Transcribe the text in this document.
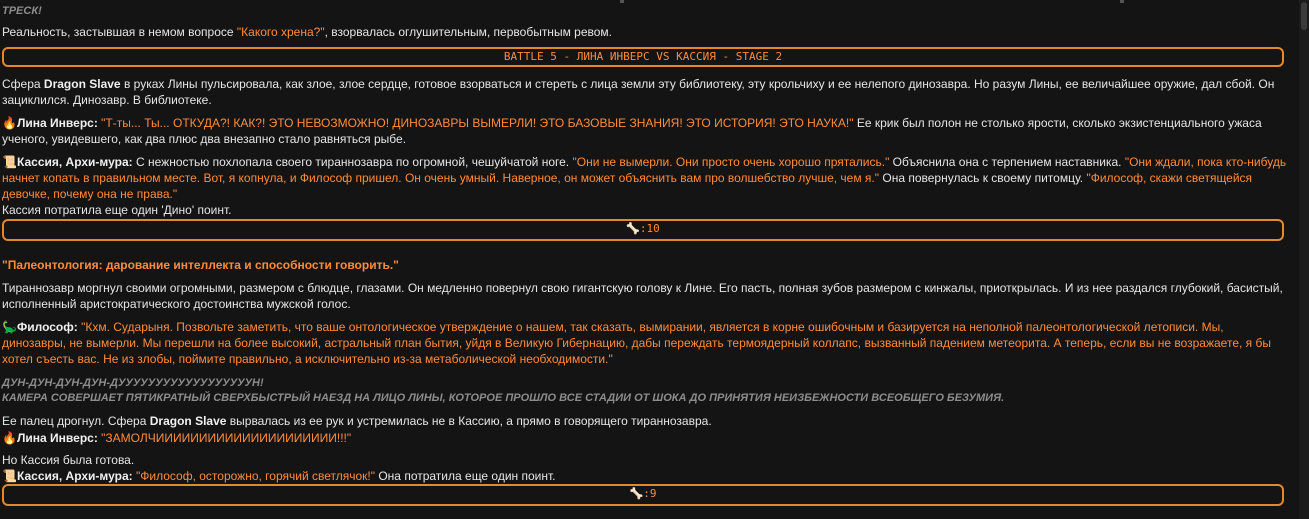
ТРЕСК!
Реальность, застывшая в немом вопросе "Какого хрена?", взорвалась оглушительным, первобытным ревом.
BATTLE 5 - ЛИНА ИНВЕРС VS КАССИЯ - STAGE 2
Сфера Dragon Slave в руках Лины пульсировала, как злое, злое сердце, готовое взорваться и стереть с лица земли эту библиотеку, эту крольчиху и ее нелепого динозавра. Но разум Лины, ее величайшее оружие, дал сбой. Он зациклился. Динозавр. В библиотеке.
🔥Лина Инверс: "Т-ты... Ты... ОТКУДА?! КАК?! ЭТО НЕВОЗМОЖНО! ДИНОЗАВРЫ ВЫМЕРЛИ! ЭТО БАЗОВЫЕ ЗНАНИЯ! ЭТО ИСТОРИЯ! ЭТО НАУКА!" Ее крик был полон не столько ярости, сколько экзистенциального ужаса ученого, увидевшего, как два плюс два внезапно стало равняться рыбе.
📜Кассия, Архи-мура: С нежностью похлопала своего тираннозавра по огромной, чешуйчатой ноге. "Они не вымерли. Они просто очень хорошо прятались." Объяснила она с терпением наставника. "Они ждали, пока кто-нибудь начнет копать в правильном месте. Вот, я копнула, и Философ пришел. Он очень умный. Наверное, он может объяснить вам про волшебство лучше, чем я." Она повернулась к своему питомцу. "Философ, скажи светящейся девочке, почему она не права."
Кассия потратила еще один 'Дино' поинт.
🦴:10
"Палеонтология: дарование интеллекта и способности говорить."
Тираннозавр моргнул своими огромными, размером с блюдце, глазами. Он медленно повернул свою гигантскую голову к Лине. Его пасть, полная зубов размером с кинжалы, приоткрылась. И из нее раздался глубокий, басистый, исполненный аристократического достоинства мужской голос.
🦕Философ: "Кхм. Сударыня. Позвольте заметить, что ваше онтологическое утверждение о нашем, так сказать, вымирании, является в корне ошибочным и базируется на неполной палеонтологической летописи. Мы, динозавры, не вымерли. Мы перешли на более высокий, астральный план бытия, уйдя в Великую Гибернацию, дабы переждать термоядерный коллапс, вызванный падением метеорита. А теперь, если вы не возражаете, я бы хотел съесть вас. Не из злобы, поймите правильно, а исключительно из-за метаболической необходимости."
ДУН-ДУН-ДУН-ДУН-ДУУУУУУУУУУУУУУУУУУН!
КАМЕРА СОВЕРШАЕТ ПЯТИКРАТНЫЙ СВЕРХБЫСТРЫЙ НАЕЗД НА ЛИЦО ЛИНЫ, КОТОРОЕ ПРОШЛО ВСЕ СТАДИИ ОТ ШОКА ДО ПРИНЯТИЯ НЕИЗБЕЖНОСТИ ВСЕОБЩЕГО БЕЗУМИЯ.
Ее палец дрогнул. Сфера Dragon Slave вырвалась из ее рук и устремилась не в Кассию, а прямо в говорящего тираннозавра.
🔥Лина Инверс: "ЗАМОЛЧИИИИИИИИИИИИИИИИИИИИИ!!!"
Но Кассия была готова.
📜Кассия, Архи-мура: "Философ, осторожно, горячий светлячок!" Она потратила еще один поинт.
🦴:9
